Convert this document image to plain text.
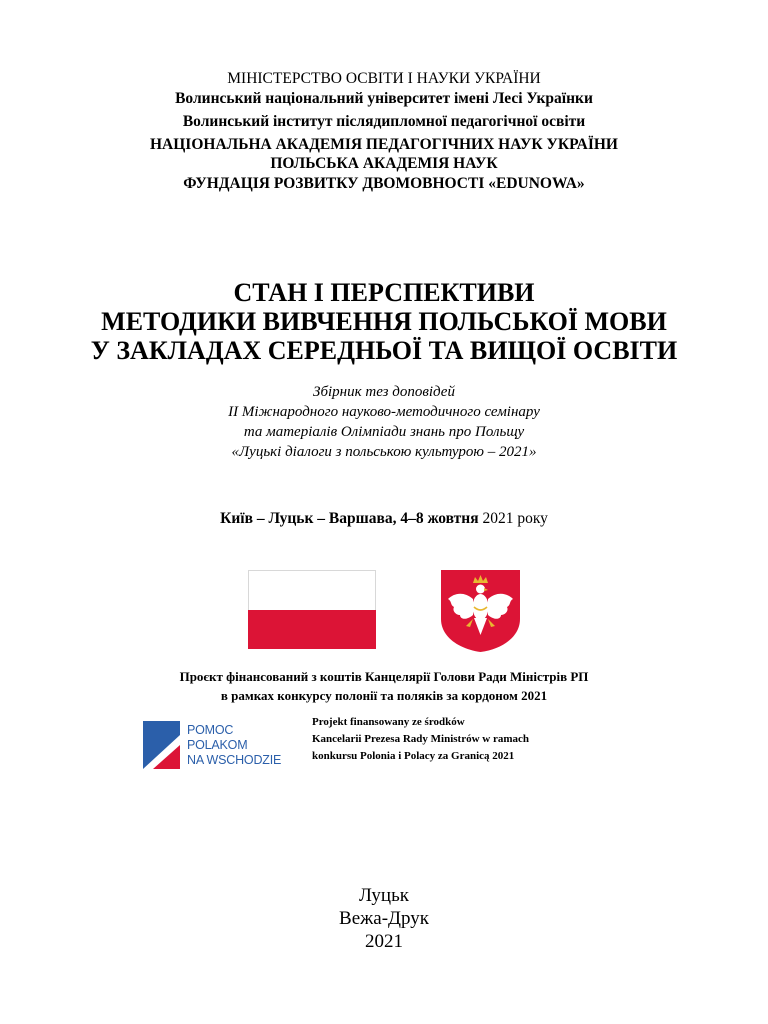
МІНІСТЕРСТВО ОСВІТИ І НАУКИ УКРАЇНИ
Волинський національний університет імені Лесі Українки
Волинський інститут післядипломної педагогічної освіти
НАЦІОНАЛЬНА АКАДЕМІЯ ПЕДАГОГІЧНИХ НАУК УКРАЇНИ
ПОЛЬСЬКА АКАДЕМІЯ НАУК
ФУНДАЦІЯ РОЗВИТКУ ДВОМОВНОСТІ «EDUNOWA»
СТАН І ПЕРСПЕКТИВИ
МЕТОДИКИ ВИВЧЕННЯ ПОЛЬСЬКОЇ МОВИ
У ЗАКЛАДАХ СЕРЕДНЬОЇ ТА ВИЩОЇ ОСВІТИ
Збірник тез доповідей
ІІ Міжнародного науково-методичного семінару
та матеріалів Олімпіади знань про Польщу
«Луцькі діалоги з польською культурою – 2021»
Київ – Луцьк – Варшава, 4–8 жовтня 2021 року
Проєкт фінансований з коштів Канцелярії Голови Ради Міністрів РП
в рамках конкурсу полонії та поляків за кордоном 2021
POMOC
POLAKOM
NA WSCHODZIE
Projekt finansowany ze środków
Kancelarii Prezesa Rady Ministrów w ramach
konkursu Polonia i Polacy za Granicą 2021
Луцьк
Вежа-Друк
2021
